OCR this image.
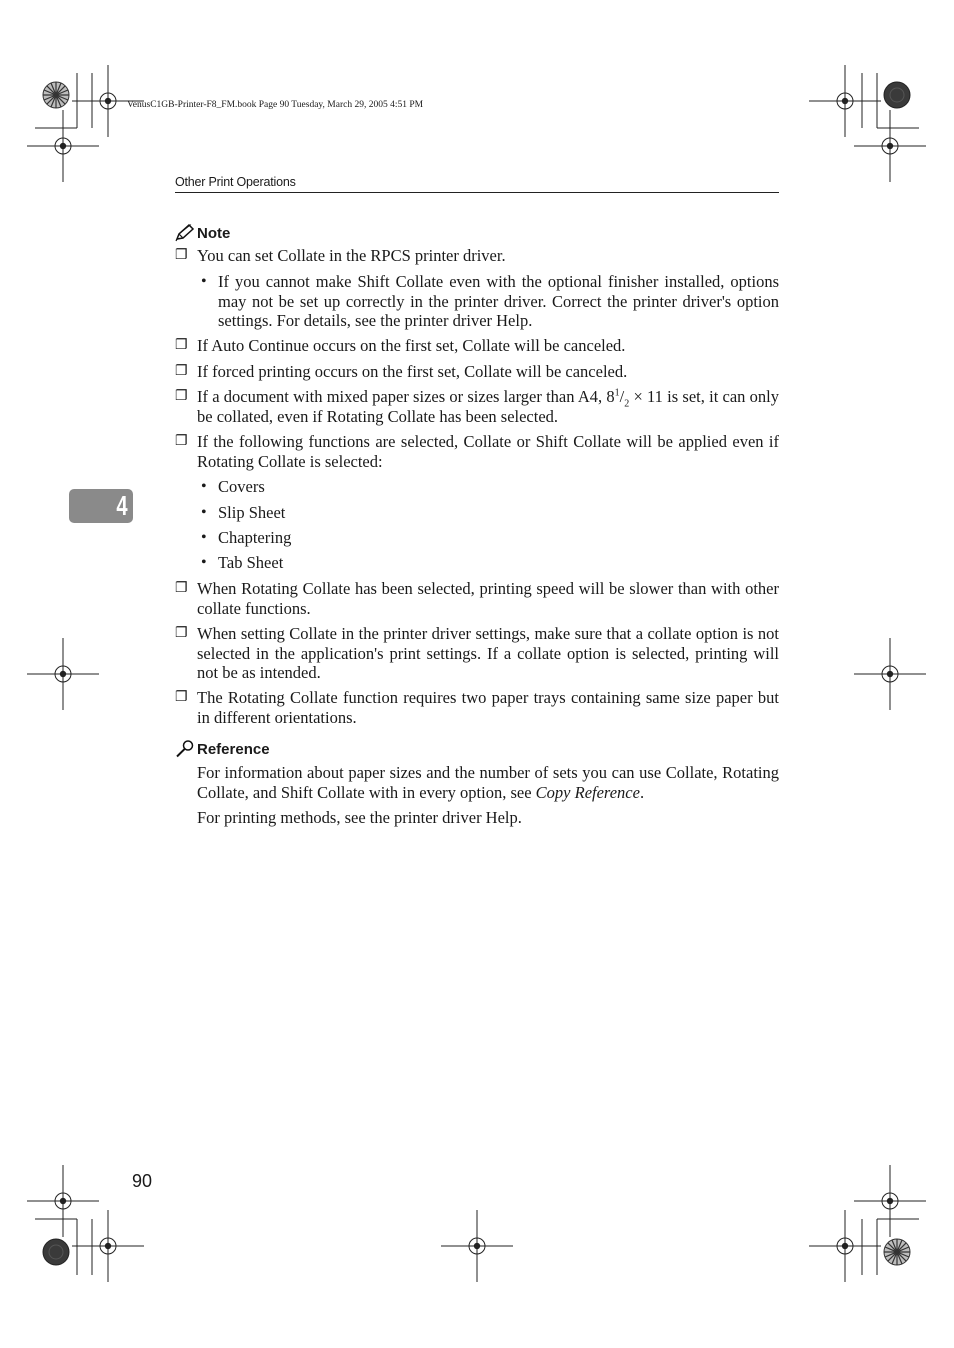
VenusC1GB-Printer-F8_FM.book Page 90 Tuesday, March 29, 2005 4:51 PM
Other Print Operations
Note
❐ You can set Collate in the RPCS printer driver.
• If you cannot make Shift Collate even with the optional finisher installed, options may not be set up correctly in the printer driver. Correct the printer driver's option settings. For details, see the printer driver Help.
❐ If Auto Continue occurs on the first set, Collate will be canceled.
❐ If forced printing occurs on the first set, Collate will be canceled.
❐ If a document with mixed paper sizes or sizes larger than A4, $8^1/_2 \times 11$ is set, it can only be collated, even if Rotating Collate has been selected.
❐ If the following functions are selected, Collate or Shift Collate will be applied even if Rotating Collate is selected:
• Covers
• Slip Sheet
• Chaptering
• Tab Sheet
❐ When Rotating Collate has been selected, printing speed will be slower than with other collate functions.
❐ When setting Collate in the printer driver settings, make sure that a collate option is not selected in the application's print settings. If a collate option is selected, printing will not be as intended.
❐ The Rotating Collate function requires two paper trays containing same size paper but in different orientations.
Reference
For information about paper sizes and the number of sets you can use Collate, Rotating Collate, and Shift Collate with in every option, see Copy Reference.
For printing methods, see the printer driver Help.
4
90
